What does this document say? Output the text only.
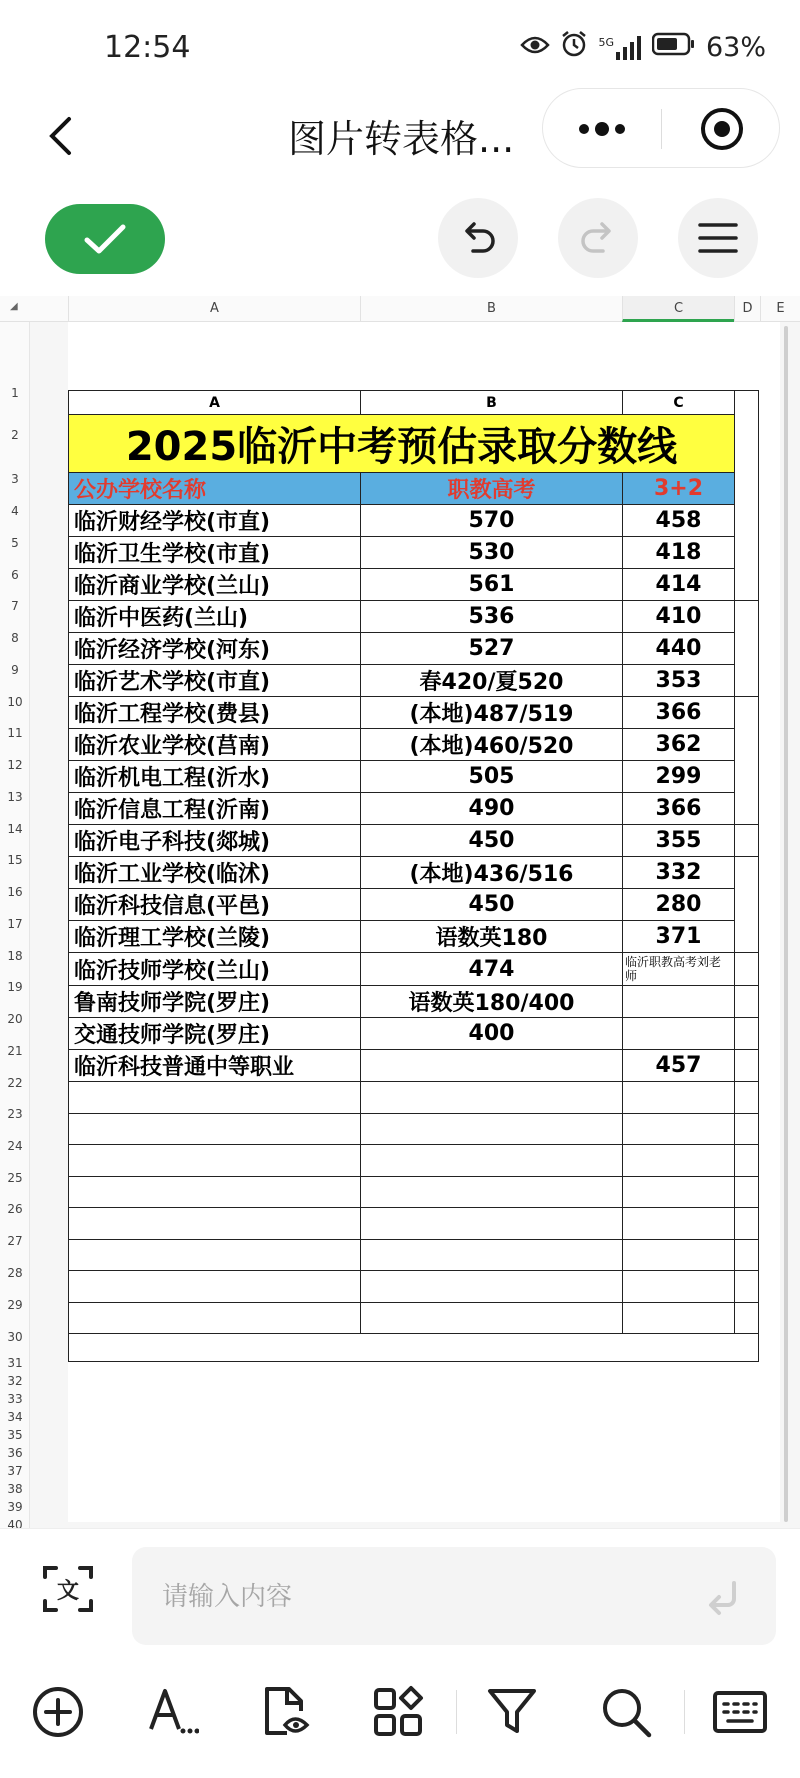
12:54	5G	63%
图片转表格...
◢	A	B	C	D	E
1
2
3
4
5
6
7
8
9
10
11
12
13
14
15
16
17
18
19
20
21
22
23
24
25
26
27
28
29
30
31
32
33
34
35
36
37
38
39
40
A	B	C	
2025临沂中考预估录取分数线			
公办学校名称	职教高考	3+2	
临沂财经学校(市直)	570	458	
临沂卫生学校(市直)	530	418	
临沂商业学校(兰山)	561	414	
临沂中医药(兰山)	536	410	
临沂经济学校(河东)	527	440	
临沂艺术学校(市直)	春420/夏520	353	
临沂工程学校(费县)	(本地)487/519	366	
临沂农业学校(莒南)	(本地)460/520	362	
临沂机电工程(沂水)	505	299	
临沂信息工程(沂南)	490	366	
临沂电子科技(郯城)	450	355	
临沂工业学校(临沭)	(本地)436/516	332	
临沂科技信息(平邑)	450	280	
临沂理工学校(兰陵)	语数英180	371	
临沂技师学校(兰山)	474	临沂职教高考刘老师	
鲁南技师学院(罗庄)	语数英180/400		
交通技师学院(罗庄)	400		
临沂科技普通中等职业		457	

文
请输入内容
